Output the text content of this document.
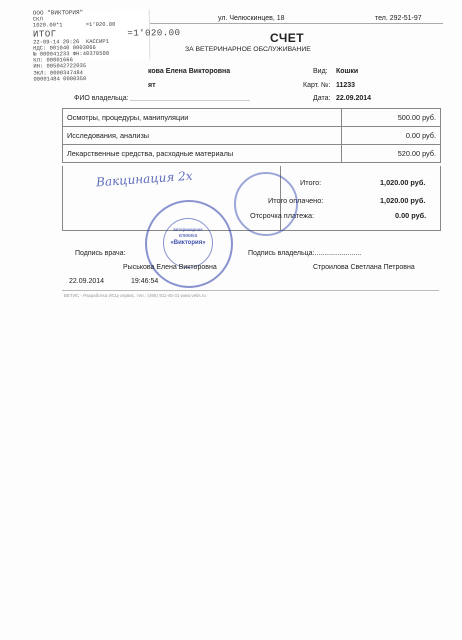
ООО "ВИКТОРИЯ"
СКЛ
1020.00*1       =1'020.00
ИТОГ            =1'020.00
22-09-14 20:26  КАССИР1
НДС: 001040 0003066
№ 000041233 ФН:40370508
КЛ: 00001666
ИН: 005042722035
ЭКЛ: 0000347484
00001484 0000350
ул. Челюскинцев, 18	тел. 292-51-97
СЧЕТ
ЗА ВЕТЕРИНАРНОЕ ОБСЛУЖИВАНИЕ
кова Елена Викторовна	Вид: Кошки
ят	Карт. №: 11233
ФИО владельца:	Дата: 22.09.2014
Осмотры, процедуры, манипуляции	500.00 руб.
Исследования, анализы	0.00 руб.
Лекарственные средства, расходные материалы	520.00 руб.
Итого:	1,020.00 руб.
Итого оплачено:	1,020.00 руб.
Отсрочка платежа:	0.00 руб.
Вакцинация 2х
ветеринарная
клиника
«Виктория»
Подпись врача:	Подпись владельца:........................
Рыськова Елена Викторовна	Строилова Светлана Петровна
22.09.2014	19:46:54
ВЕТИС - Разработка ИСЦ-сервис, тел.: (495) 911-45-31 www.vetis.ru
